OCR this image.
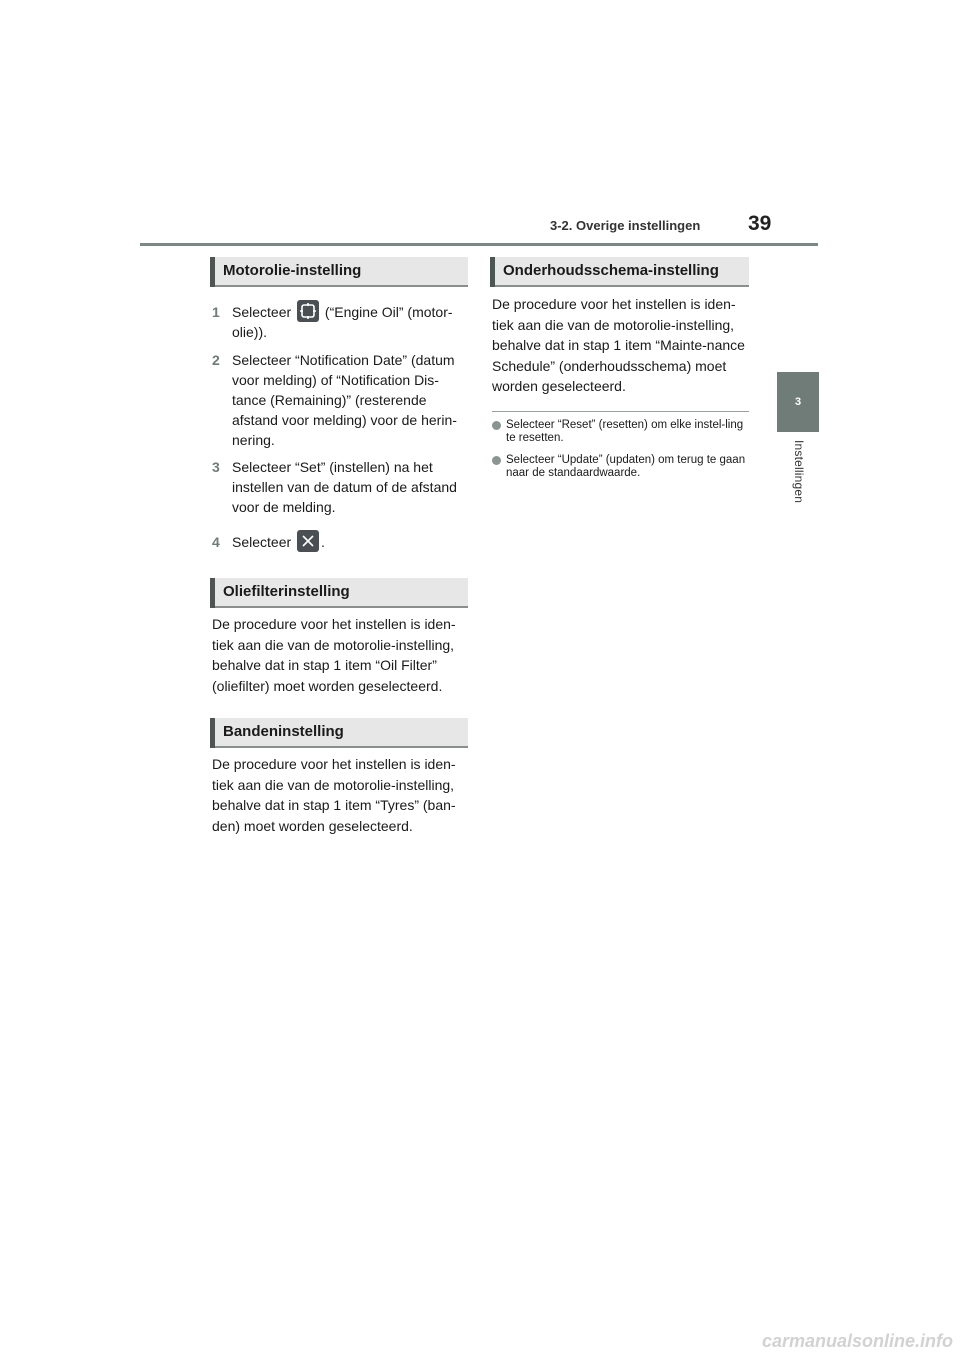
3-2. Overige instellingen 39
3
Instellingen
Motorolie-instelling
1 Selecteer  (“Engine Oil” (motor-olie)).
2 Selecteer “Notification Date” (datum voor melding) of “Notification Dis-tance (Remaining)” (resterende afstand voor melding) voor de herin-nering.
3 Selecteer “Set” (instellen) na het instellen van de datum of de afstand voor de melding.
4 Selecteer .
Oliefilterinstelling
De procedure voor het instellen is iden-tiek aan die van de motorolie-instelling, behalve dat in stap 1 item “Oil Filter” (oliefilter) moet worden geselecteerd.
Bandeninstelling
De procedure voor het instellen is iden-tiek aan die van de motorolie-instelling, behalve dat in stap 1 item “Tyres” (ban-den) moet worden geselecteerd.
Onderhoudsschema-instelling
De procedure voor het instellen is iden-tiek aan die van de motorolie-instelling, behalve dat in stap 1 item “Mainte-nance Schedule” (onderhoudsschema) moet worden geselecteerd.
Selecteer “Reset” (resetten) om elke instel-ling te resetten.
Selecteer “Update” (updaten) om terug te gaan naar de standaardwaarde.
carmanualsonline.info
